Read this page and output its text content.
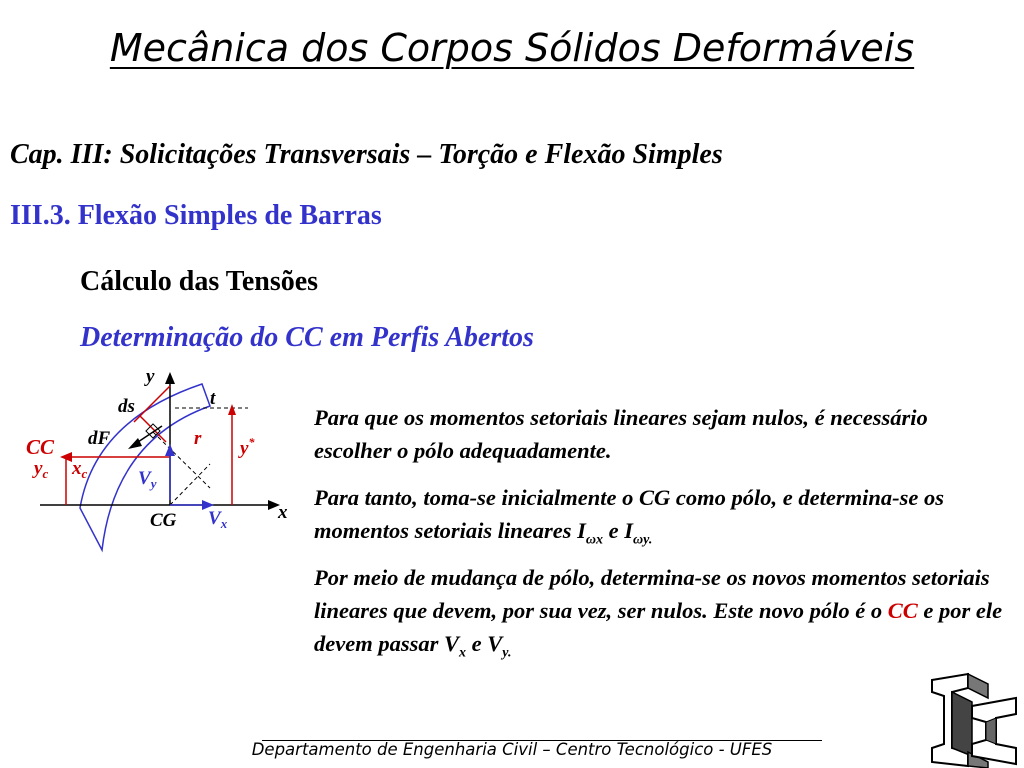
Mecânica dos Corpos Sólidos Deformáveis
Cap. III: Solicitações Transversais – Torção e Flexão Simples
III.3. Flexão Simples de Barras
Cálculo das Tensões
Determinação do CC em Perfis Abertos
y
x
ds	t
dF	r
CC
$y_c$ $x_c$	$V_y$
y*
CG $V_x$
Para que os momentos setoriais lineares sejam nulos, é necessário escolher o pólo adequadamente.
Para tanto, toma-se inicialmente o CG como pólo, e determina-se os momentos setoriais lineares $I_{\omega x}$ e $I_{\omega y.}$
Por meio de mudança de pólo, determina-se os novos momentos setoriais lineares que devem, por sua vez, ser nulos. Este novo pólo é o CC e por ele devem passar $V_x$ e $V_{y.}$
Departamento de Engenharia Civil – Centro Tecnológico - UFES
